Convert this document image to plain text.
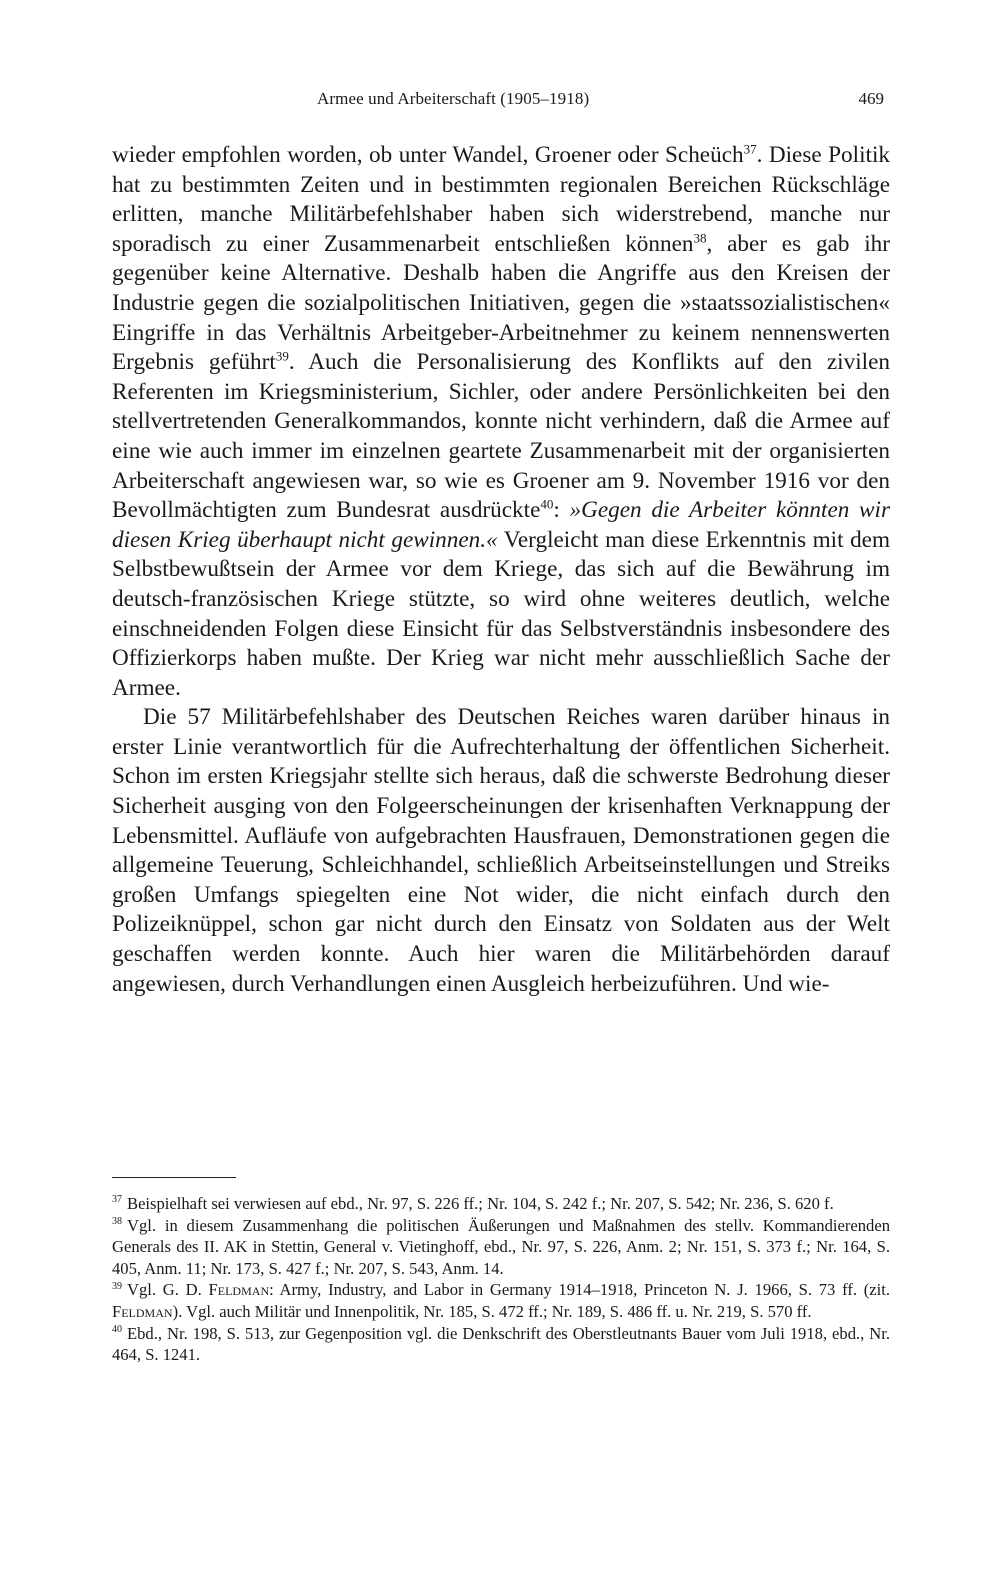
Armee und Arbeiterschaft (1905–1918)	469

wieder empfohlen worden, ob unter Wandel, Groener oder Scheüch$^{37}$. Diese Politik hat zu bestimmten Zeiten und in bestimmten regionalen Bereichen Rückschläge erlitten, manche Militärbefehlshaber haben sich widerstrebend, manche nur sporadisch zu einer Zusammenarbeit entschließen können$^{38}$, aber es gab ihr gegenüber keine Alternative. Deshalb haben die Angriffe aus den Kreisen der Industrie gegen die sozialpolitischen Initiativen, gegen die »staatssozialistischen« Eingriffe in das Verhältnis Arbeitgeber-Arbeitnehmer zu keinem nennenswerten Ergebnis geführt$^{39}$. Auch die Personalisierung des Konflikts auf den zivilen Referenten im Kriegsministerium, Sichler, oder andere Persönlichkeiten bei den stellvertretenden Generalkommandos, konnte nicht verhindern, daß die Armee auf eine wie auch immer im einzelnen geartete Zusammenarbeit mit der organisierten Arbeiterschaft angewiesen war, so wie es Groener am 9. November 1916 vor den Bevollmächtigten zum Bundesrat ausdrückte$^{40}$: »Gegen die Arbeiter könnten wir diesen Krieg überhaupt nicht gewinnen.« Vergleicht man diese Erkenntnis mit dem Selbstbewußtsein der Armee vor dem Kriege, das sich auf die Bewährung im deutsch-französischen Kriege stützte, so wird ohne weiteres deutlich, welche einschneidenden Folgen diese Einsicht für das Selbstverständnis insbesondere des Offizierkorps haben mußte. Der Krieg war nicht mehr ausschließlich Sache der Armee.

Die 57 Militärbefehlshaber des Deutschen Reiches waren darüber hinaus in erster Linie verantwortlich für die Aufrechterhaltung der öffentlichen Sicherheit. Schon im ersten Kriegsjahr stellte sich heraus, daß die schwerste Bedrohung dieser Sicherheit ausging von den Folgeerscheinungen der krisenhaften Verknappung der Lebensmittel. Aufläufe von aufgebrachten Hausfrauen, Demonstrationen gegen die allgemeine Teuerung, Schleichhandel, schließlich Arbeitseinstellungen und Streiks großen Umfangs spiegelten eine Not wider, die nicht einfach durch den Polizeiknüppel, schon gar nicht durch den Einsatz von Soldaten aus der Welt geschaffen werden konnte. Auch hier waren die Militärbehörden darauf angewiesen, durch Verhandlungen einen Ausgleich herbeizuführen. Und wie-

$^{37}$ Beispielhaft sei verwiesen auf ebd., Nr. 97, S. 226 ff.; Nr. 104, S. 242 f.; Nr. 207, S. 542; Nr. 236, S. 620 f.

$^{38}$ Vgl. in diesem Zusammenhang die politischen Äußerungen und Maßnahmen des stellv. Kommandierenden Generals des II. AK in Stettin, General v. Vietinghoff, ebd., Nr. 97, S. 226, Anm. 2; Nr. 151, S. 373 f.; Nr. 164, S. 405, Anm. 11; Nr. 173, S. 427 f.; Nr. 207, S. 543, Anm. 14.

$^{39}$ Vgl. G. D. Feldman: Army, Industry, and Labor in Germany 1914–1918, Princeton N. J. 1966, S. 73 ff. (zit. Feldman). Vgl. auch Militär und Innenpolitik, Nr. 185, S. 472 ff.; Nr. 189, S. 486 ff. u. Nr. 219, S. 570 ff.

$^{40}$ Ebd., Nr. 198, S. 513, zur Gegenposition vgl. die Denkschrift des Oberstleutnants Bauer vom Juli 1918, ebd., Nr. 464, S. 1241.
